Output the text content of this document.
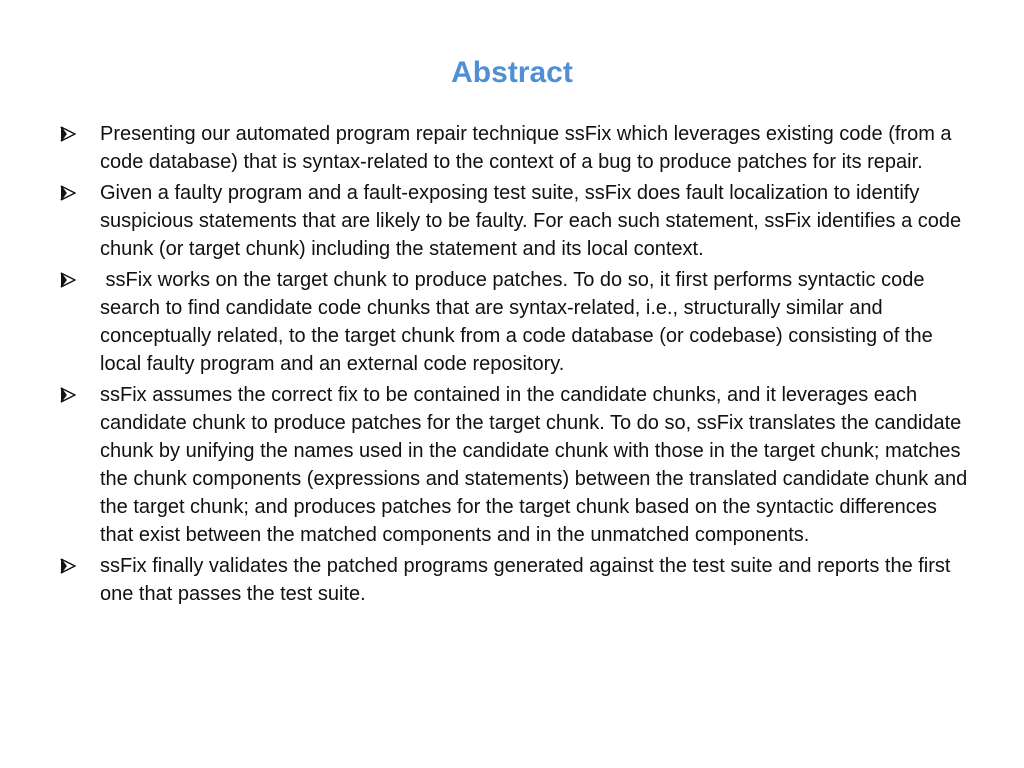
Abstract
Presenting our automated program repair technique ssFix which leverages existing code (from a code database) that is syntax-related to the context of a bug to produce patches for its repair.
Given a faulty program and a fault-exposing test suite, ssFix does fault localization to identify suspicious statements that are likely to be faulty. For each such statement, ssFix identifies a code chunk (or target chunk) including the statement and its local context.
ssFix works on the target chunk to produce patches. To do so, it first performs syntactic code search to find candidate code chunks that are syntax-related, i.e., structurally similar and conceptually related, to the target chunk from a code database (or codebase) consisting of the local faulty program and an external code repository.
ssFix assumes the correct fix to be contained in the candidate chunks, and it leverages each candidate chunk to produce patches for the target chunk. To do so, ssFix translates the candidate chunk by unifying the names used in the candidate chunk with those in the target chunk; matches the chunk components (expressions and statements) between the translated candidate chunk and the target chunk; and produces patches for the target chunk based on the syntactic differences that exist between the matched components and in the unmatched components.
ssFix finally validates the patched programs generated against the test suite and reports the first one that passes the test suite.
